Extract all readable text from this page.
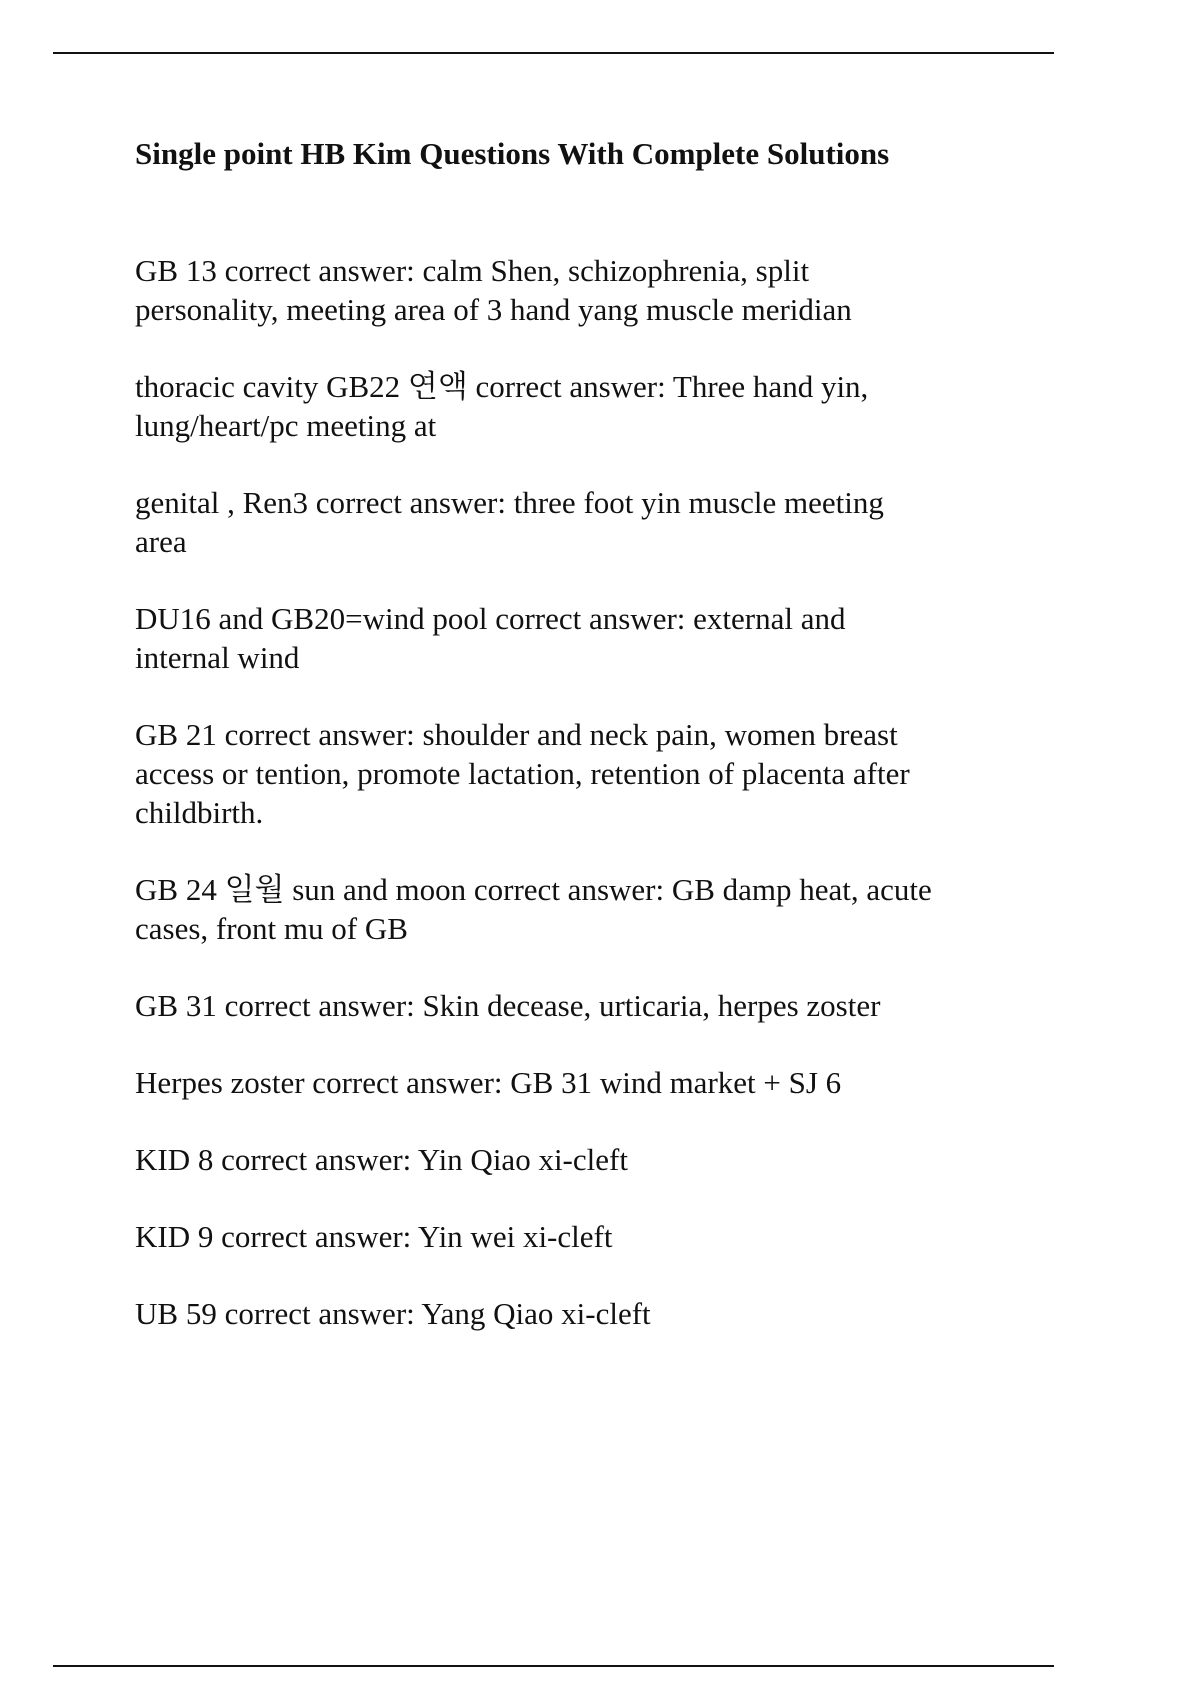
Single point HB Kim Questions With Complete Solutions

GB 13 correct answer: calm Shen, schizophrenia, split
personality, meeting area of 3 hand yang muscle meridian

thoracic cavity GB22 연액 correct answer: Three hand yin,
lung/heart/pc meeting at

genital , Ren3 correct answer: three foot yin muscle meeting
area

DU16 and GB20=wind pool correct answer: external and
internal wind

GB 21 correct answer: shoulder and neck pain, women breast
access or tention, promote lactation, retention of placenta after
childbirth.

GB 24 일월 sun and moon correct answer: GB damp heat, acute
cases, front mu of GB

GB 31 correct answer: Skin decease, urticaria, herpes zoster

Herpes zoster correct answer: GB 31 wind market + SJ 6

KID 8 correct answer: Yin Qiao xi-cleft

KID 9 correct answer: Yin wei xi-cleft

UB 59 correct answer: Yang Qiao xi-cleft
